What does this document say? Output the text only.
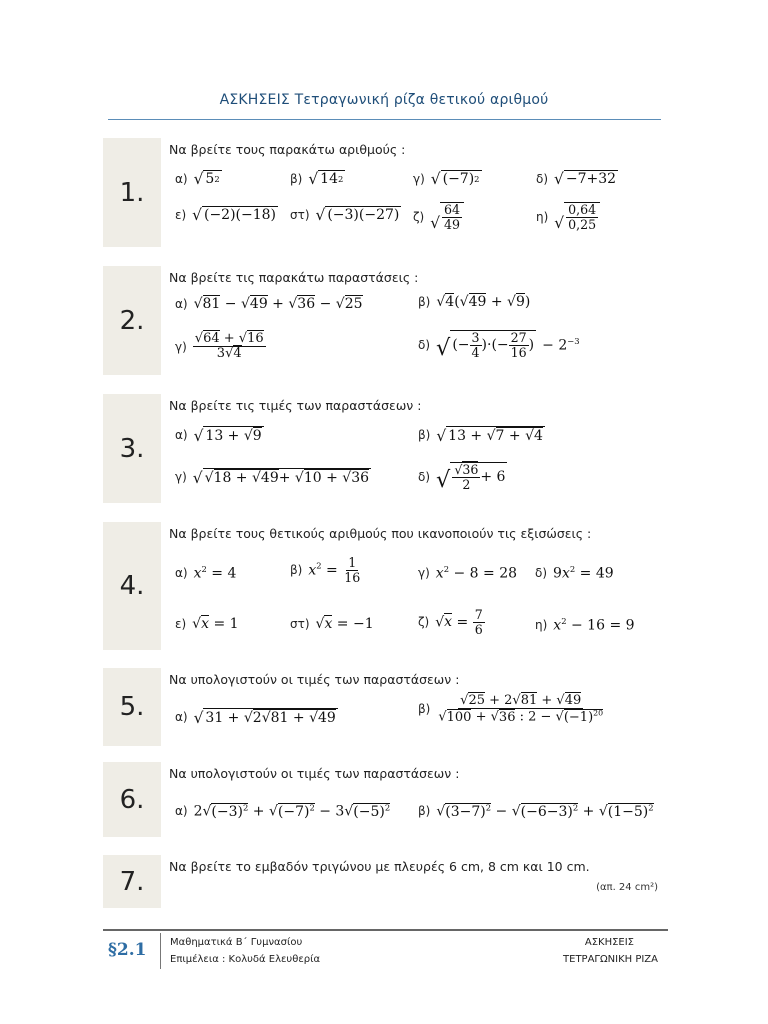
ΑΣΚΗΣΕΙΣ Τετραγωνική ρίζα θετικού αριθμού
1.
Να βρείτε τους παρακάτω αριθμούς :
α) √ 5 2	β) √ 14 2	γ) √ (−7) 2	δ) √ −7+32
ε) √ (−2)(−18) στ) √ (−3)(−27) ζ) √ $\frac{64}{49}$	η) √ $\frac{0,64}{0,25}$
2.
Να βρείτε τις παρακάτω παραστάσεις :
α) √81 − √49 + √36 − √25	β) √4(√49 + √9)
$\gamma) \frac{√64 + √16}{3√4}$	δ) √ (− $\frac{3}{4}$ )·(− $\frac{27}{16}$ ) − $2^{-3}$
3.
Να βρείτε τις τιμές των παραστάσεων :
α) √ 13 + √ 9	β) √ 13 + √ 7 + √4
γ) √ √ 18 + √49 + √ 10 + √36	δ) √ $\frac{√36}{2} + 6$
4.
Να βρείτε τους θετικούς αριθμούς που ικανοποιούν τις εξισώσεις :
α) $x^2 = 4$	β) $x^2 = \frac{1}{16}$	γ) $x^2 - 8 = 28$ δ) $9x^2 = 49$
ε) √x = 1	στ) √x = −1	ζ) $√x = \frac{7}{6}$	η) $x^2 - 16 = 9$
5.
Να υπολογιστούν οι τιμές των παραστάσεων :
α) √ 31 + √ 2√81 + √49
$\beta) \frac{√25 + 2√81 + √49}{√100 + √36 : 2 - √(-1)^{20}}$
6.
Να υπολογιστούν οι τιμές των παραστάσεων :
α) $2√(-3)^2 + √(-7)^2 - 3√(-5)^2$ β) $√(3-7)^2 - √(-6-3)^2 + √(1-5)^2$
7.	Να βρείτε το εμβαδόν τριγώνου με πλευρές 6 cm, 8 cm και 10 cm.
(απ. 24 cm²)
§2.1 Μαθηματικά Β΄ Γυμνασίου
Επιμέλεια : Κολυδά Ελευθερία
ΑΣΚΗΣΕΙΣ
ΤΕΤΡΑΓΩΝΙΚΗ ΡΙΖΑ
